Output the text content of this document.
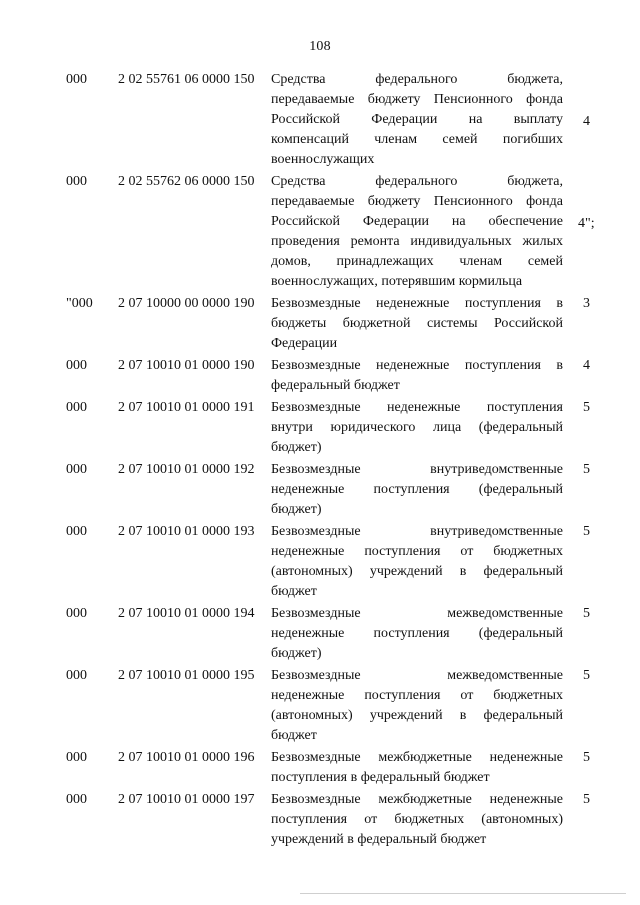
108
000 2 02 55761 06 0000 150 Средства федерального бюджета,
передаваемые бюджету Пенсионного фонда
Российской Федерации на выплату
компенсаций членам семей погибших
военнослужащих
4
000 2 02 55762 06 0000 150 Средства федерального бюджета,
передаваемые бюджету Пенсионного фонда
Российской Федерации на обеспечение
проведения ремонта индивидуальных жилых
домов, принадлежащих членам семей
военнослужащих, потерявшим кормильца
4";
"000 2 07 10000 00 0000 190 Безвозмездные неденежные поступления в
бюджеты бюджетной системы Российской
Федерации
3
000 2 07 10010 01 0000 190 Безвозмездные неденежные поступления в
федеральный бюджет
4
000 2 07 10010 01 0000 191 Безвозмездные неденежные поступления
внутри юридического лица (федеральный
бюджет)
5
000 2 07 10010 01 0000 192 Безвозмездные внутриведомственные
неденежные поступления (федеральный
бюджет)
5
000 2 07 10010 01 0000 193 Безвозмездные внутриведомственные
неденежные поступления от бюджетных
(автономных) учреждений в федеральный
бюджет
5
000 2 07 10010 01 0000 194 Безвозмездные межведомственные
неденежные поступления (федеральный
бюджет)
5
000 2 07 10010 01 0000 195 Безвозмездные межведомственные
неденежные поступления от бюджетных
(автономных) учреждений в федеральный
бюджет
5
000 2 07 10010 01 0000 196 Безвозмездные межбюджетные неденежные
поступления в федеральный бюджет
5
000 2 07 10010 01 0000 197 Безвозмездные межбюджетные неденежные
поступления от бюджетных (автономных)
учреждений в федеральный бюджет
5
